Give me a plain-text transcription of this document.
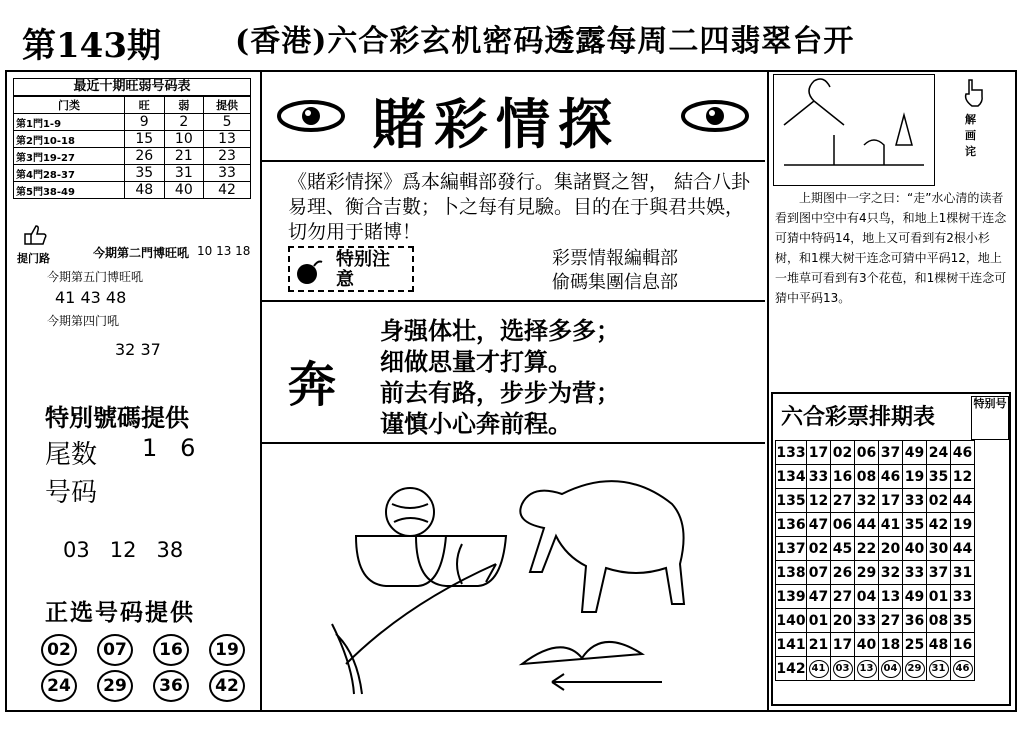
第143期 (香港)六合彩玄机密码透露每周二四翡翠台开
最近十期旺弱号码表
门类	旺	弱	提供
第1門1-9	9	2	5
第2門10-18	15	10	13
第3門19-27	26	21	23
第4門28-37	35	31	33
第5門38-49	48	40	42
提门路	今期第二門博旺吼 10 13 18
今期第五门博旺吼
41 43 48
今期第四门吼
32 37
特別號碼提供
尾数 1   6
号码
03   12   38
正选号码提供
02 07 16 19
24 29 36 42
賭彩情探
《賭彩情探》爲本編輯部發行。集諸賢之智， 結合八卦易理、衡合吉數；卜之每有見驗。目的在于與君共娛，切勿用于賭博！
特别注意
彩票情報編輯部
偷碼集團信息部
奔
身强体壮，选择多多；
细做思量才打算。
前去有路，步步为营；
谨慎小心奔前程。
解画诧
上期图中一字之曰：“走”水心清的读者看到图中空中有4只鸟，和地上1棵树干连念可猜中特码14，地上又可看到有2根小杉树，和1棵大树干连念可猜中平码12，地上一堆草可看到有3个花苞，和1棵树干连念可猜中平码13。
六合彩票排期表
特别号
133	17	02	06	37	49	24	46
134	33	16	08	46	19	35	12
135	12	27	32	17	33	02	44
136	47	06	44	41	35	42	19
137	02	45	22	20	40	30	44
138	07	26	29	32	33	37	31
139	47	27	04	13	49	01	33
140	01	20	33	27	36	08	35
141	21	17	40	18	25	48	16
142	41	03	13	04	29	31	46
